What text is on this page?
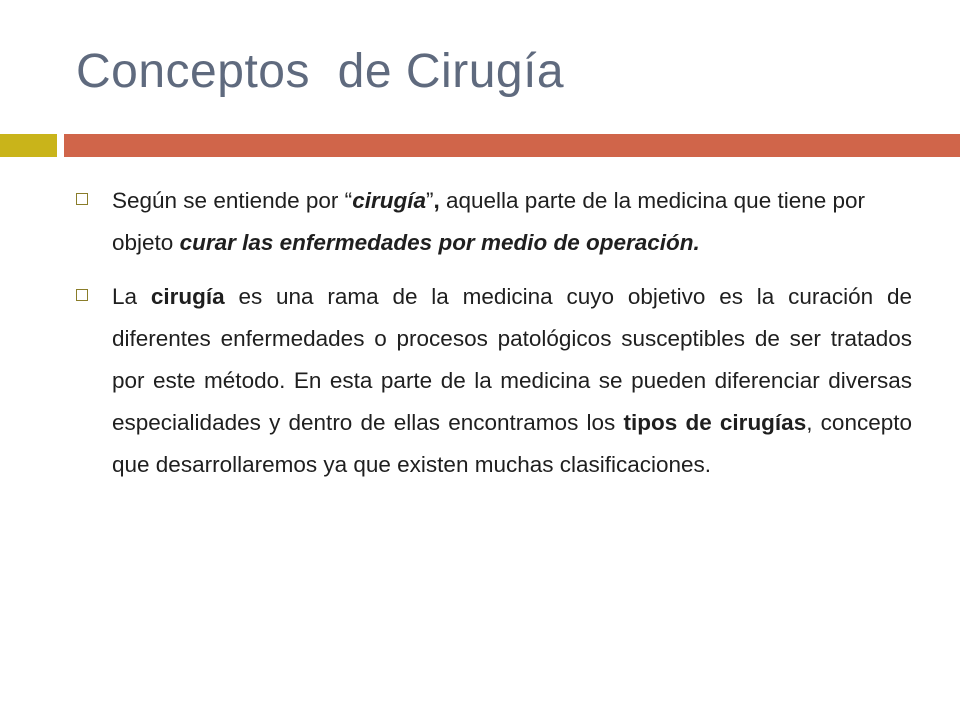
Conceptos  de Cirugía
Según se entiende por “cirugía”, aquella parte de la medicina que tiene por objeto curar las enfermedades por medio de operación.
La cirugía es una rama de la medicina cuyo objetivo es la curación de diferentes enfermedades o procesos patológicos susceptibles de ser tratados por este método. En esta parte de la medicina se pueden diferenciar diversas especialidades y dentro de ellas encontramos los tipos de cirugías, concepto que desarrollaremos ya que existen muchas clasificaciones.
